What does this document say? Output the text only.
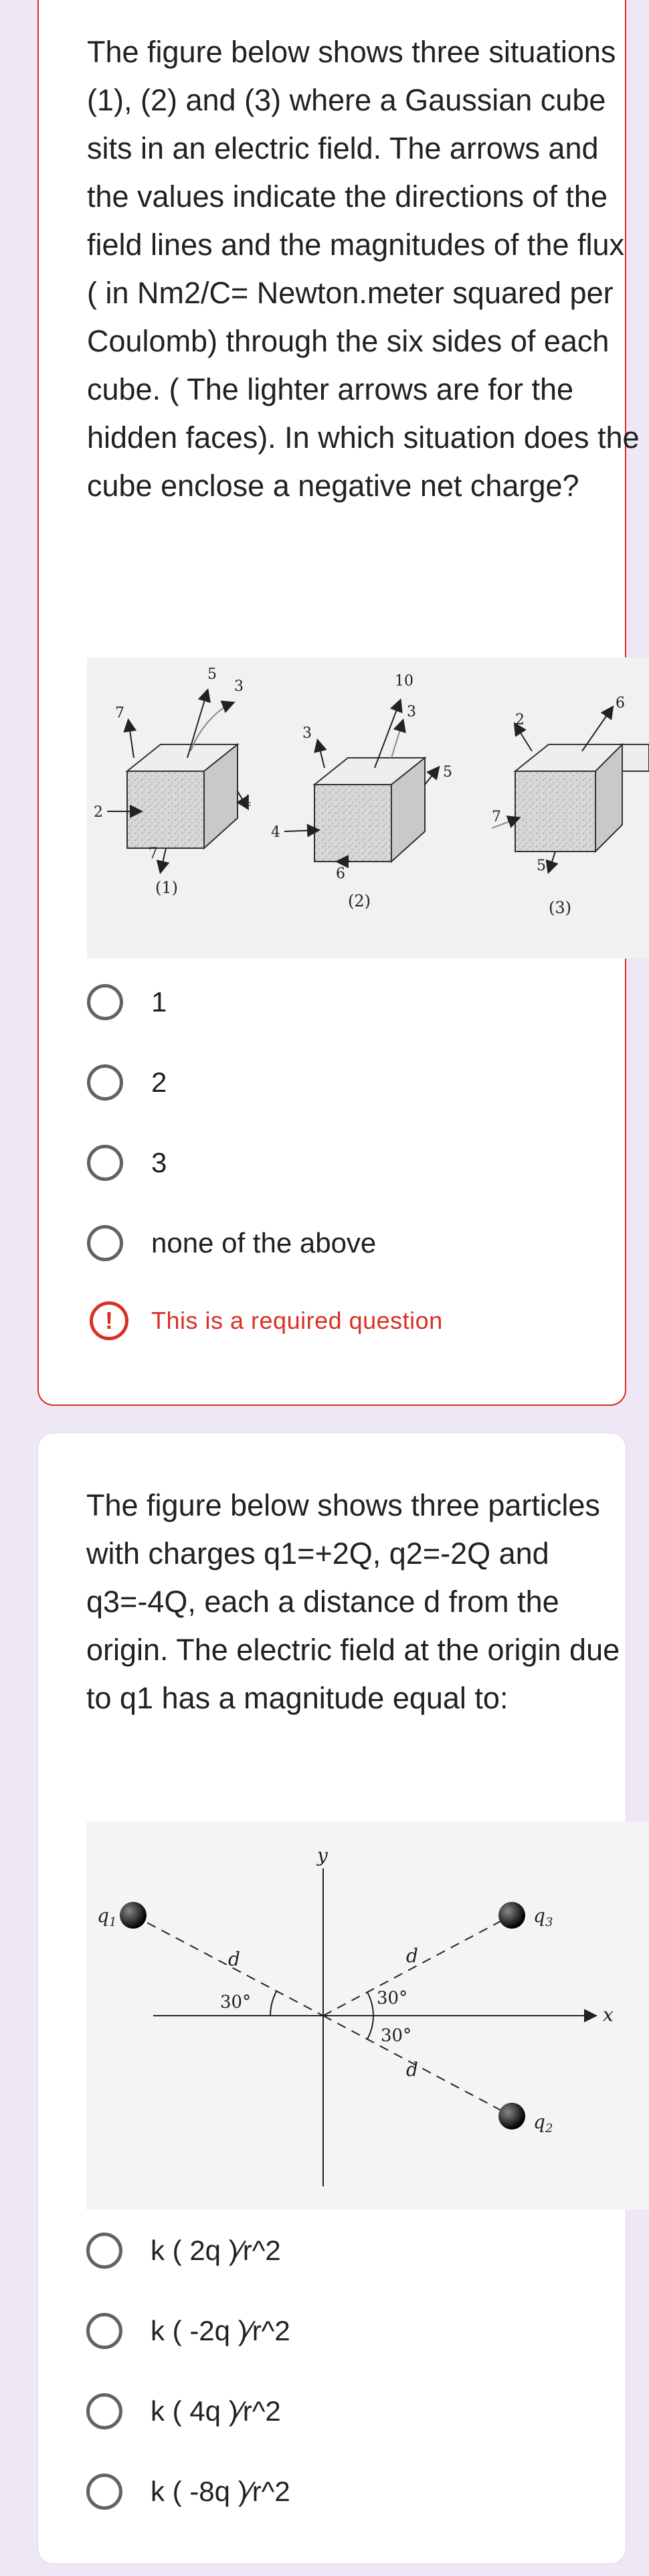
The figure below shows three situations (1), (2) and (3) where a Gaussian cube sits in an electric field. The arrows and the values indicate the directions of the field lines and the magnitudes of the flux ( in Nm2/C= Newton.meter squared per Coulomb) through the six sides of each cube. ( The lighter arrows are for the hidden faces). In which situation does the cube enclose a negative net charge?
7
5
3
2
4
7
(1)
3
10
3
5
4
6
(2)
2
6
7
5
(3)
1
2
3
none of the above
!	This is a required question
The figure below shows three particles with charges q1=+2Q, q2=-2Q and q3=-4Q, each a distance d from the origin. The electric field at the origin due to q1 has a magnitude equal to:
x
y
$q_1$	$q_3$
$q_2$
d	d
d
30°	30°
30°
k ( 2q )⁄r^2
k ( -2q )⁄r^2
k ( 4q )⁄r^2
k ( -8q )⁄r^2
